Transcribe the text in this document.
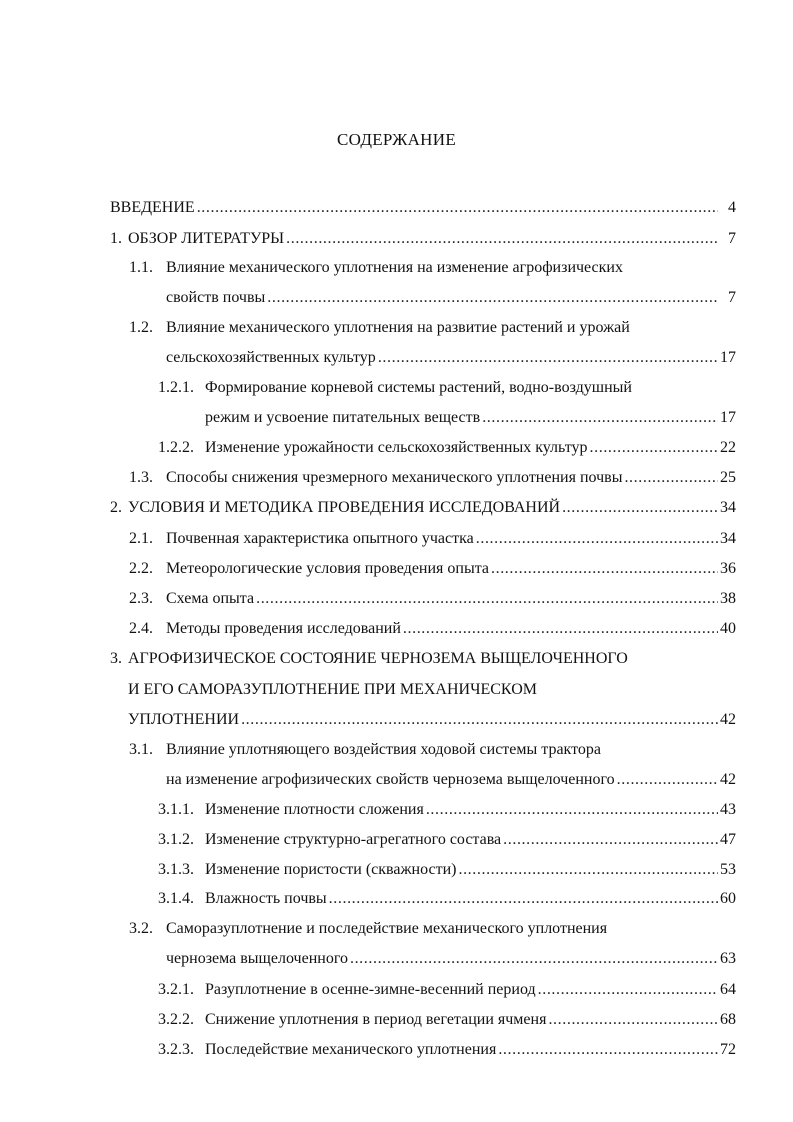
СОДЕРЖАНИЕ
ВВЕДЕНИЕ .....	4
1. ОБЗОР ЛИТЕРАТУРЫ .....	7
1.1. Влияние механического уплотнения на изменение агрофизических
свойств почвы .....	7
1.2. Влияние механического уплотнения на развитие растений и урожай
сельскохозяйственных культур .....	17
1.2.1. Формирование корневой системы растений, водно-воздушный
режим и усвоение питательных веществ .....	17
1.2.2. Изменение урожайности сельскохозяйственных культур .....	22
1.3. Способы снижения чрезмерного механического уплотнения почвы .....	25
2. УСЛОВИЯ И МЕТОДИКА ПРОВЕДЕНИЯ ИССЛЕДОВАНИЙ .....	34
2.1. Почвенная характеристика опытного участка .....	34
2.2. Метеорологические условия проведения опыта .....	36
2.3. Схема опыта .....	38
2.4. Методы проведения исследований .....	40
3. АГРОФИЗИЧЕСКОЕ СОСТОЯНИЕ ЧЕРНОЗЕМА ВЫЩЕЛОЧЕННОГО
И ЕГО САМОРАЗУПЛОТНЕНИЕ ПРИ МЕХАНИЧЕСКОМ
УПЛОТНЕНИИ .....	42
3.1. Влияние уплотняющего воздействия ходовой системы трактора
на изменение агрофизических свойств чернозема выщелоченного .....	42
3.1.1. Изменение плотности сложения .....	43
3.1.2. Изменение структурно-агрегатного состава .....	47
3.1.3. Изменение пористости (скважности) .....	53
3.1.4. Влажность почвы .....	60
3.2. Саморазуплотнение и последействие механического уплотнения
чернозема выщелоченного .....	63
3.2.1. Разуплотнение в осенне-зимне-весенний период .....	64
3.2.2. Снижение уплотнения в период вегетации ячменя .....	68
3.2.3. Последействие механического уплотнения .....	72
